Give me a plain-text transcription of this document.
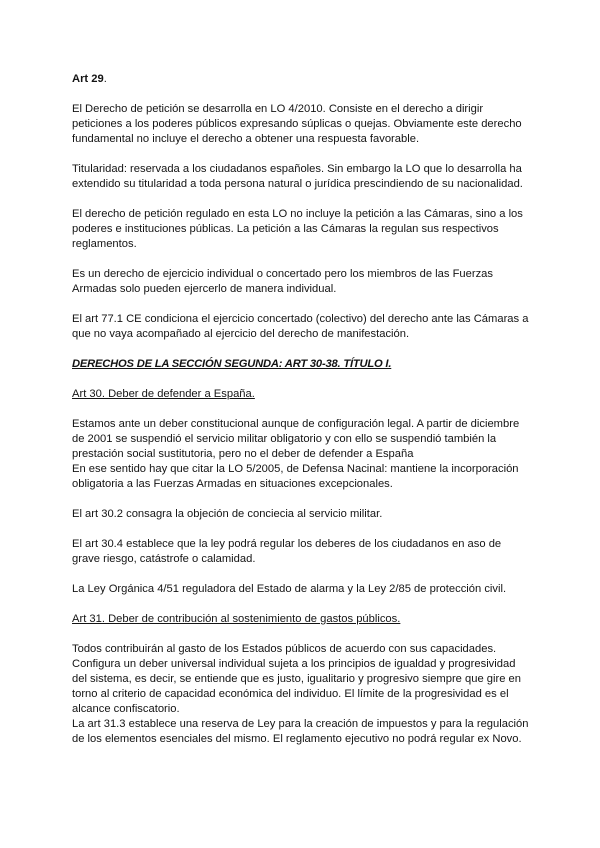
Art 29.

El Derecho de petición se desarrolla en LO 4/2010. Consiste en el derecho a dirigir
peticiones a los poderes públicos expresando súplicas o quejas. Obviamente este derecho
fundamental no incluye el derecho a obtener una respuesta favorable.

Titularidad: reservada a los ciudadanos españoles. Sin embargo la LO que lo desarrolla ha
extendido su titularidad a toda persona natural o jurídica prescindiendo de su nacionalidad.

El derecho de petición regulado en esta LO no incluye la petición a las Cámaras, sino a los
poderes e instituciones públicas. La petición a las Cámaras la regulan sus respectivos
reglamentos.

Es un derecho de ejercicio individual o concertado pero los miembros de las Fuerzas
Armadas solo pueden ejercerlo de manera individual.

El art 77.1 CE condiciona el ejercicio concertado (colectivo) del derecho ante las Cámaras a
que no vaya acompañado al ejercicio del derecho de manifestación.

DERECHOS DE LA SECCIÓN SEGUNDA: ART 30-38. TÍTULO I.

Art 30. Deber de defender a España.

Estamos ante un deber constitucional aunque de configuración legal. A partir de diciembre
de 2001 se suspendió el servicio militar obligatorio y con ello se suspendió también la
prestación social sustitutoria, pero no el deber de defender a España
En ese sentido hay que citar la LO 5/2005, de Defensa Nacinal: mantiene la incorporación
obligatoria a las Fuerzas Armadas en situaciones excepcionales.

El art 30.2 consagra la objeción de conciecia al servicio militar.

El art 30.4 establece que la ley podrá regular los deberes de los ciudadanos en aso de
grave riesgo, catástrofe o calamidad.

La Ley Orgánica 4/51 reguladora del Estado de alarma y la Ley 2/85 de protección civil.

Art 31. Deber de contribución al sostenimiento de gastos públicos.

Todos contribuirán al gasto de los Estados públicos de acuerdo con sus capacidades.
Configura un deber universal individual sujeta a los principios de igualdad y progresividad
del sistema, es decir, se entiende que es justo, igualitario y progresivo siempre que gire en
torno al criterio de capacidad económica del individuo. El límite de la progresividad es el
alcance confiscatorio.
La art 31.3 establece una reserva de Ley para la creación de impuestos y para la regulación
de los elementos esenciales del mismo. El reglamento ejecutivo no podrá regular ex Novo.
